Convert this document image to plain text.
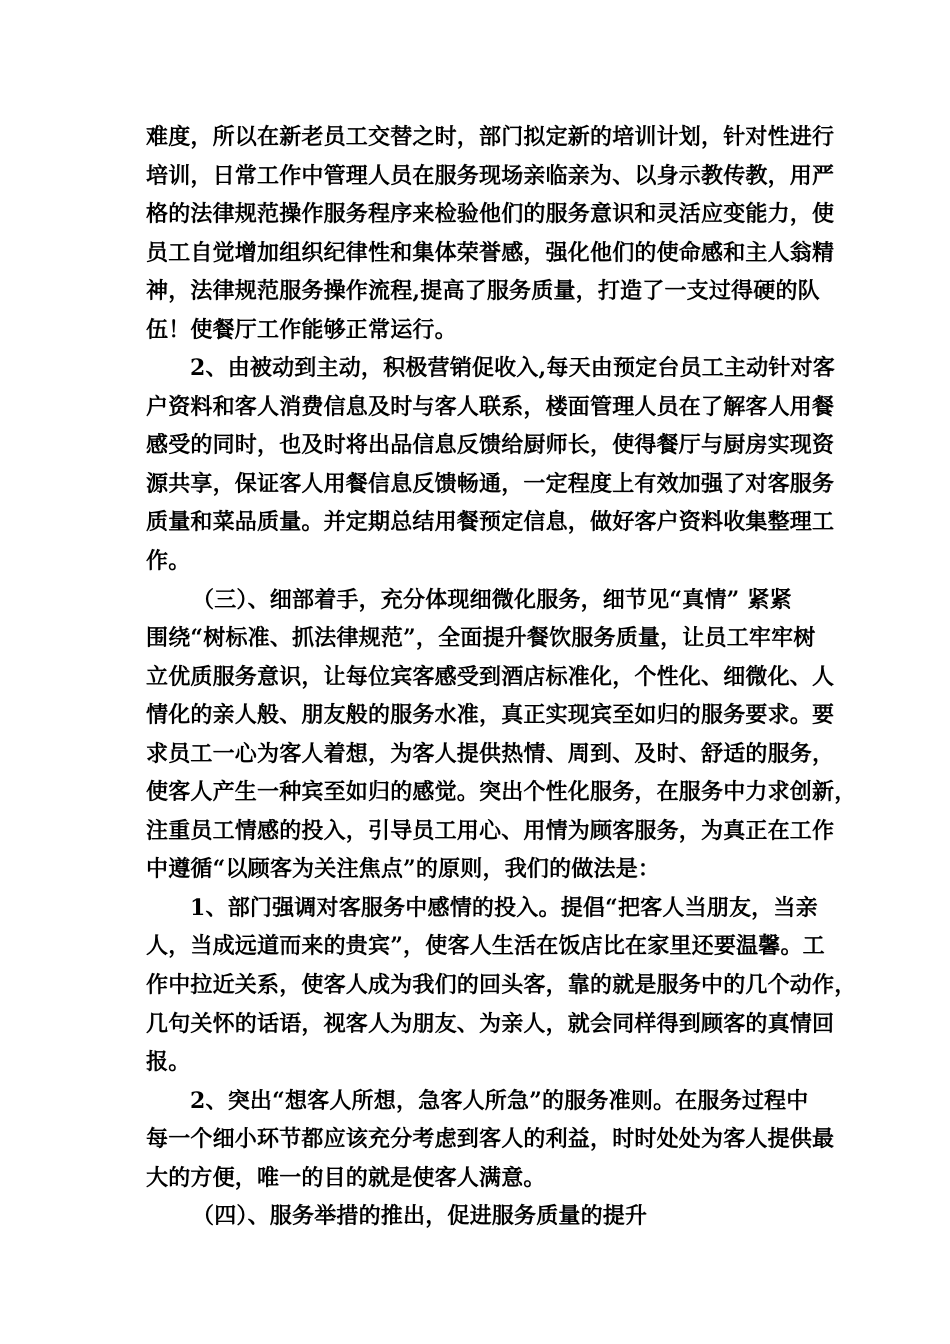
难度，所以在新老员工交替之时，部门拟定新的培训计划，针对性进行
培训，日常工作中管理人员在服务现场亲临亲为、以身示教传教，用严
格的法律规范操作服务程序来检验他们的服务意识和灵活应变能力，使
员工自觉增加组织纪律性和集体荣誉感，强化他们的使命感和主人翁精
神，法律规范服务操作流程,提高了服务质量，打造了一支过得硬的队
伍！使餐厅工作能够正常运行。
2、由被动到主动，积极营销促收入,每天由预定台员工主动针对客
户资料和客人消费信息及时与客人联系，楼面管理人员在了解客人用餐
感受的同时，也及时将出品信息反馈给厨师长，使得餐厅与厨房实现资
源共享，保证客人用餐信息反馈畅通，一定程度上有效加强了对客服务
质量和菜品质量。并定期总结用餐预定信息，做好客户资料收集整理工
作。
（三）、细部着手，充分体现细微化服务，细节见“真情” 紧紧
围绕“树标准、抓法律规范”，全面提升餐饮服务质量，让员工牢牢树
立优质服务意识，让每位宾客感受到酒店标准化，个性化、细微化、人
情化的亲人般、朋友般的服务水准，真正实现宾至如归的服务要求。要
求员工一心为客人着想，为客人提供热情、周到、及时、舒适的服务，
使客人产生一种宾至如归的感觉。突出个性化服务，在服务中力求创新，
注重员工情感的投入，引导员工用心、用情为顾客服务，为真正在工作
中遵循“以顾客为关注焦点”的原则，我们的做法是：
1、部门强调对客服务中感情的投入。提倡“把客人当朋友，当亲
人，当成远道而来的贵宾”，使客人生活在饭店比在家里还要温馨。工
作中拉近关系，使客人成为我们的回头客，靠的就是服务中的几个动作，
几句关怀的话语，视客人为朋友、为亲人，就会同样得到顾客的真情回
报。
2、突出“想客人所想，急客人所急”的服务准则。在服务过程中
每一个细小环节都应该充分考虑到客人的利益，时时处处为客人提供最
大的方便，唯一的目的就是使客人满意。
（四）、服务举措的推出，促进服务质量的提升
